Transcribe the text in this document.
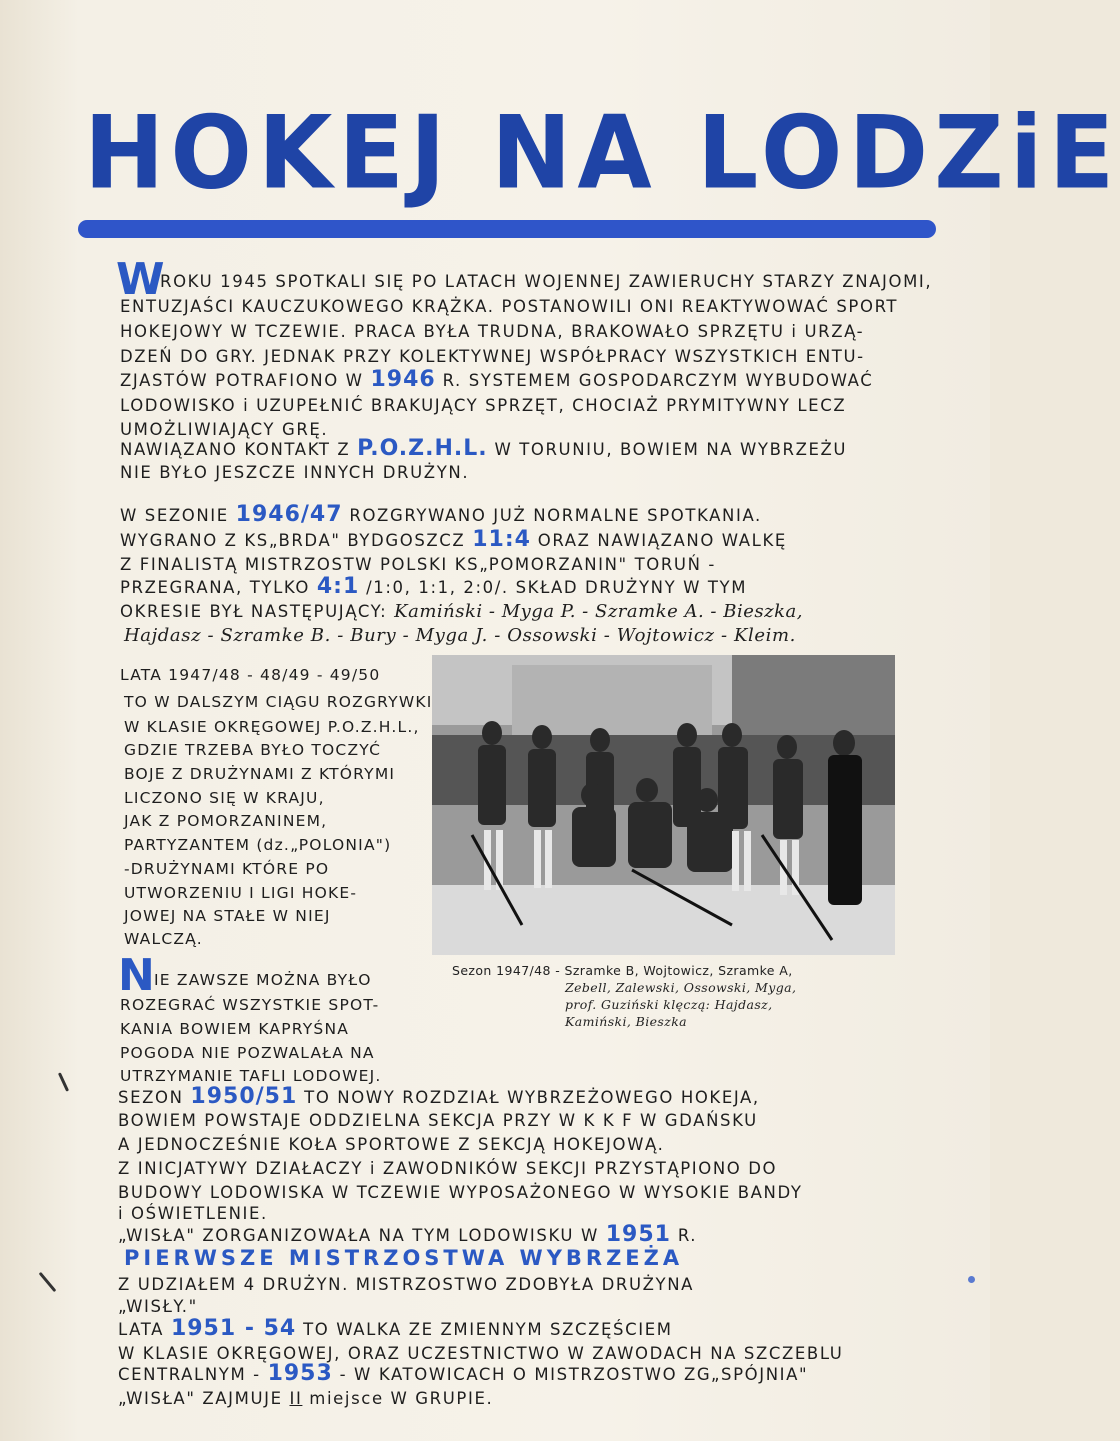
HOKEJ NA LODZiE
W
ROKU 1945 SPOTKALI SIĘ PO LATACH WOJENNEJ ZAWIERUCHY STARZY ZNAJOMI,
ENTUZJAŚCI KAUCZUKOWEGO KRĄŻKA. POSTANOWILI ONI REAKTYWOWAĆ SPORT
HOKEJOWY W TCZEWIE. PRACA BYŁA TRUDNA, BRAKOWAŁO SPRZĘTU i URZĄ-
DZEŃ DO GRY. JEDNAK PRZY KOLEKTYWNEJ WSPÓŁPRACY WSZYSTKICH ENTU-
ZJASTÓW POTRAFIONO W 1946 R. SYSTEMEM GOSPODARCZYM WYBUDOWAĆ
LODOWISKO i UZUPEŁNIĆ BRAKUJĄCY SPRZĘT, CHOCIAŻ PRYMITYWNY LECZ
UMOŻLIWIAJĄCY GRĘ.
NAWIĄZANO KONTAKT Z P.O.Z.H.L. W TORUNIU, BOWIEM NA WYBRZEŻU
NIE BYŁO JESZCZE INNYCH DRUŻYN.
W SEZONIE 1946/47 ROZGRYWANO JUŻ NORMALNE SPOTKANIA.
WYGRANO Z KS„BRDA" BYDGOSZCZ 11:4 ORAZ NAWIĄZANO WALKĘ
Z FINALISTĄ MISTRZOSTW POLSKI KS„POMORZANIN" TORUŃ -
PRZEGRANA, TYLKO 4:1 /1:0, 1:1, 2:0/. SKŁAD DRUŻYNY W TYM
OKRESIE BYŁ NASTĘPUJĄCY: Kamiński - Myga P. - Szramke A. - Bieszka,
Hajdasz - Szramke B. - Bury - Myga J. - Ossowski - Wojtowicz - Kleim.
LATA 1947/48 - 48/49 - 49/50
TO W DALSZYM CIĄGU ROZGRYWKI
W KLASIE OKRĘGOWEJ P.O.Z.H.L.,
GDZIE TRZEBA BYŁO TOCZYĆ
BOJE Z DRUŻYNAMI Z KTÓRYMI
LICZONO SIĘ W KRAJU,
JAK Z POMORZANINEM,
PARTYZANTEM (dz.„POLONIA")
-DRUŻYNAMI KTÓRE PO
UTWORZENIU I LIGI HOKE-
JOWEJ NA STAŁE W NIEJ
WALCZĄ.
Sezon 1947/48 - Szramke B, Wojtowicz, Szramke A,
Zebell, Zalewski, Ossowski, Myga,
prof. Guziński klęczą: Hajdasz,
Kamiński, Bieszka
N IE ZAWSZE MOŻNA BYŁO
ROZEGRAĆ WSZYSTKIE SPOT-
KANIA BOWIEM KAPRYŚNA
POGODA NIE POZWALAŁA NA
UTRZYMANIE TAFLI LODOWEJ.
SEZON 1950/51 TO NOWY ROZDZIAŁ WYBRZEŻOWEGO HOKEJA,
BOWIEM POWSTAJE ODDZIELNA SEKCJA PRZY W K K F W GDAŃSKU
A JEDNOCZEŚNIE KOŁA SPORTOWE Z SEKCJĄ HOKEJOWĄ.
Z INICJATYWY DZIAŁACZY i ZAWODNIKÓW SEKCJI PRZYSTĄPIONO DO
BUDOWY LODOWISKA W TCZEWIE WYPOSAŻONEGO W WYSOKIE BANDY
i OŚWIETLENIE.
„WISŁA" ZORGANIZOWAŁA NA TYM LODOWISKU W 1951 R.
PIERWSZE MISTRZOSTWA WYBRZEŻA
Z UDZIAŁEM 4 DRUŻYN. MISTRZOSTWO ZDOBYŁA DRUŻYNA
„WISŁY."
LATA 1951 - 54 TO WALKA ZE ZMIENNYM SZCZĘŚCIEM
W KLASIE OKRĘGOWEJ, ORAZ UCZESTNICTWO W ZAWODACH NA SZCZEBLU
CENTRALNYM - 1953 - W KATOWICACH O MISTRZOSTWO ZG„SPÓJNIA"
„WISŁA" ZAJMUJE II miejsce W GRUPIE.
